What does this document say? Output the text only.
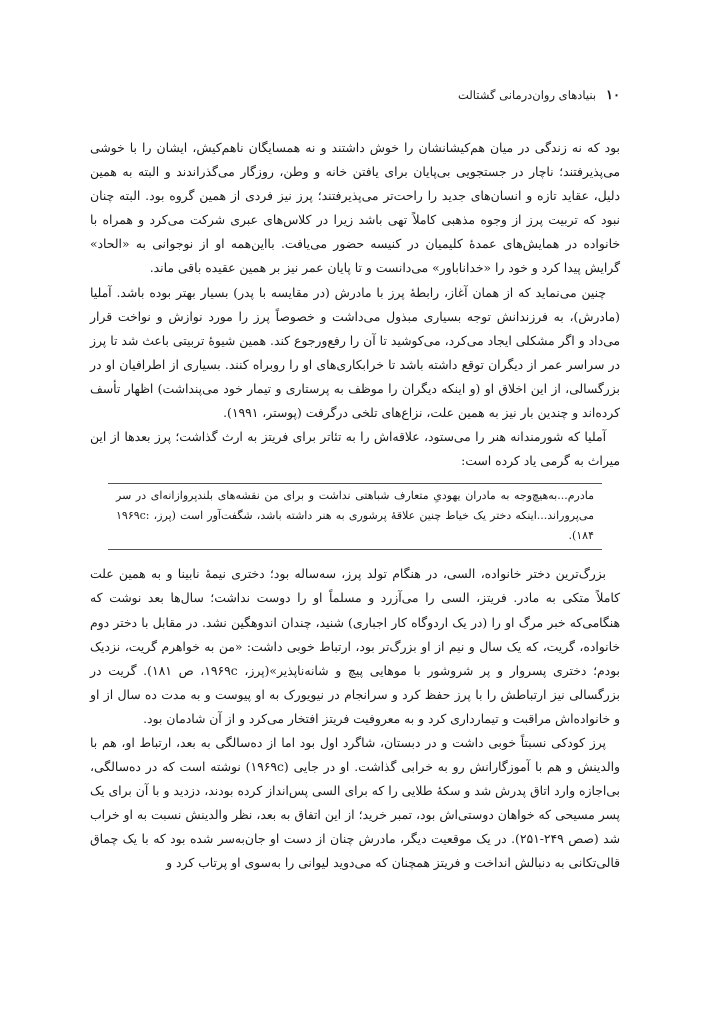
۱۰
بنیادهای روان‌درمانی گشتالت

بود که نه زندگی در میان هم‌کیشانشان را خوش داشتند و نه همسایگان ناهم‌کیش، ایشان را با خوشی می‌پذیرفتند؛ ناچار در جستجویی بی‌پایان برای یافتن خانه و وطن، روزگار می‌گذراندند و البته به همین دلیل، عقاید تازه و انسان‌های جدید را راحت‌تر می‌پذیرفتند؛ پرز نیز فردی از همین گروه بود. البته چنان نبود که تربیت پرز از وجوه مذهبی کاملاً تهی باشد زیرا در کلاس‌های عبری شرکت می‌کرد و همراه با خانواده در همایش‌های عمدهٔ کلیمیان در کنیسه حضور می‌یافت. بااین‌همه او از نوجوانی به «الحاد» گرایش پیدا کرد و خود را «خداناباور» می‌دانست و تا پایان عمر نیز بر همین عقیده باقی ماند.

چنین می‌نماید که از همان آغاز، رابطهٔ پرز با مادرش (در مقایسه با پدر) بسیار بهتر بوده باشد. آملیا (مادرش)، به فرزندانش توجه بسیاری مبذول می‌داشت و خصوصاً پرز را مورد نوازش و نواخت قرار می‌داد و اگر مشکلی ایجاد می‌کرد، می‌کوشید تا آن را رفع‌ورجوع کند. همین شیوهٔ تربیتی باعث شد تا پرز در سراسر عمر از دیگران توقع داشته باشد تا خرابکاری‌های او را روبراه کنند. بسیاری از اطرافیان او در بزرگسالی، از این اخلاق او (و اینکه دیگران را موظف به پرستاری و تیمار خود می‌پنداشت) اظهار تأسف کرده‌اند و چندین بار نیز به همین علت، نزاع‌های تلخی درگرفت (پوستر، ۱۹۹۱).

آملیا که شورمندانه هنر را می‌ستود، علاقه‌اش را به تئاتر برای فریتز به ارث گذاشت؛ پرز بعدها از این میراث به گرمی یاد کرده است:

مادرم...به‌هیچ‌وجه به مادران یهودیِ متعارف شباهتی نداشت و برای من نقشه‌های بلندپروازانه‌ای در سر می‌پروراند...اینکه دختر یک خیاط چنین علاقهٔ پرشوری به هنر داشته باشد، شگفت‌آور است (پرز، ۱۹۶۹c: ۱۸۴).

بزرگ‌ترین دختر خانواده، السی، در هنگام تولد پرز، سه‌ساله بود؛ دختری نیمهٔ نابینا و به همین علت کاملاً متکی به مادر. فریتز، السی را می‌آزرد و مسلماً او را دوست نداشت؛ سال‌ها بعد نوشت که هنگامی‌که خبر مرگ او را (در یک اردوگاه کار اجباری) شنید، چندان اندوهگین نشد. در مقابل با دختر دوم خانواده، گریت، که یک سال و نیم از او بزرگ‌تر بود، ارتباط خوبی داشت: «من به خواهرم گریت، نزدیک بودم؛ دختری پسروار و پر شروشور با موهایی پیچ و شانه‌ناپذیر»(پرز، ۱۹۶۹c، ص ۱۸۱). گریت در بزرگسالی نیز ارتباطش را با پرز حفظ کرد و سرانجام در نیویورک به او پیوست و به مدت ده سال از او و خانواده‌اش مراقبت و تیمارداری کرد و به معروفیت فریتز افتخار می‌کرد و از آن شادمان بود.

پرز کودکی نسبتاً خوبی داشت و در دبستان، شاگرد اول بود اما از ده‌سالگی به بعد، ارتباط او، هم با والدینش و هم با آموزگارانش رو به خرابی گذاشت. او در جایی (۱۹۶۹c) نوشته است که در ده‌سالگی، بی‌اجازه وارد اتاق پدرش شد و سکهٔ طلایی را که برای السی پس‌انداز کرده بودند، دزدید و با آن برای یک پسر مسیحی که خواهان دوستی‌اش بود، تمبر خرید؛ از این اتفاق به بعد، نظر والدینش نسبت به او خراب شد (صص ۲۴۹-۲۵۱). در یک موقعیت دیگر، مادرش چنان از دست او جان‌به‌سر شده بود که با یک چماق قالی‌تکانی به دنبالش انداخت و فریتز همچنان که می‌دوید لیوانی را به‌سوی او پرتاب کرد و
